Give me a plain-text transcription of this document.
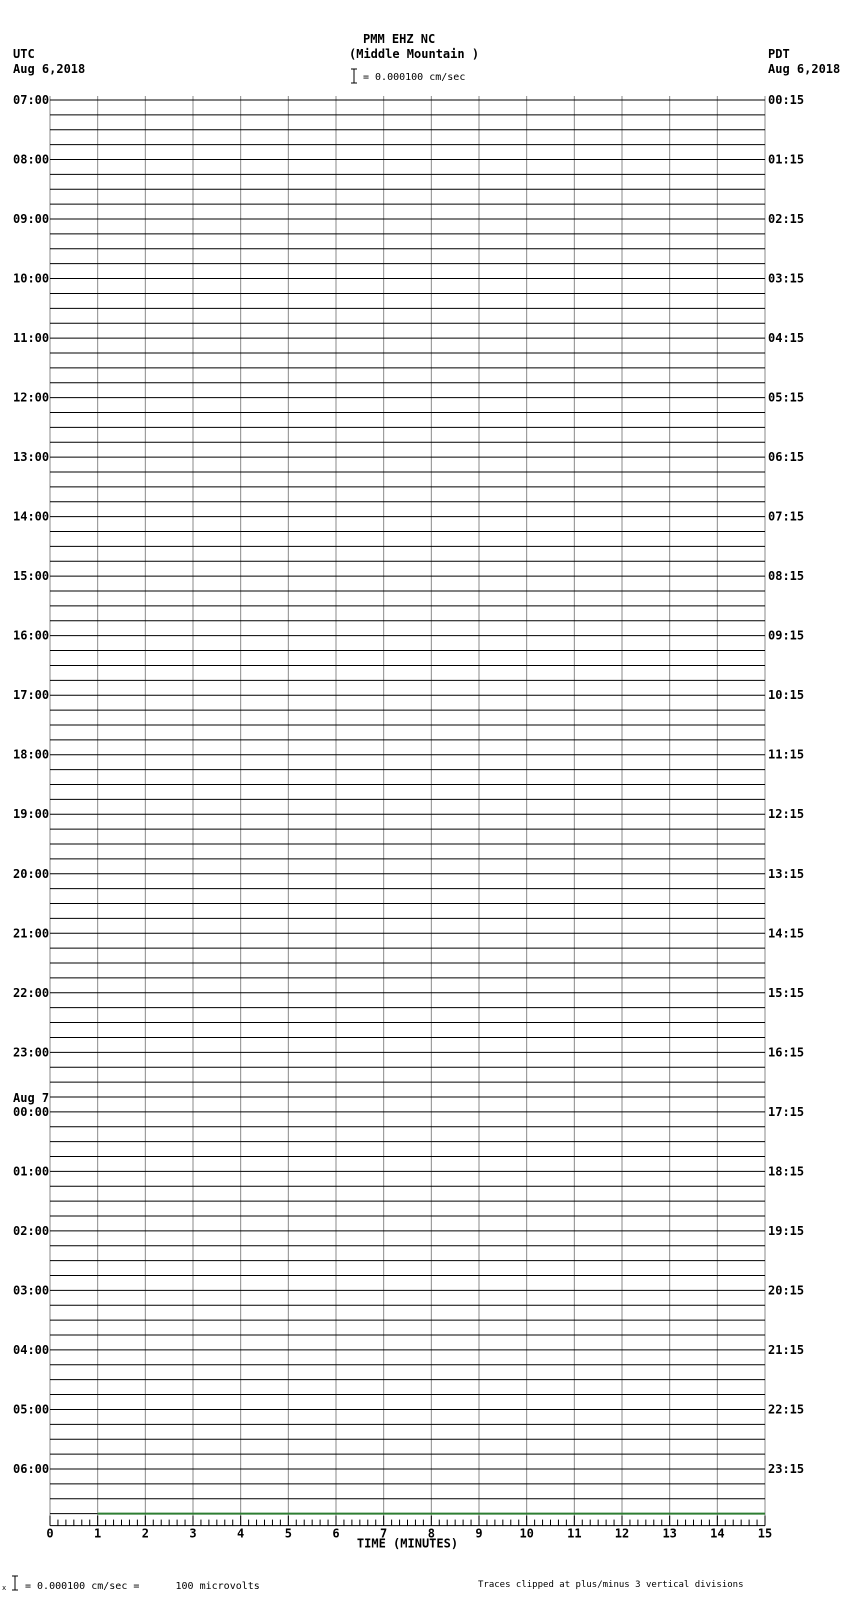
PMM EHZ NC
(Middle Mountain )
UTC
Aug 6,2018
PDT
Aug 6,2018
= 0.000100 cm/sec
= 0.000100 cm/sec =      100 microvolts	Traces clipped at plus/minus 3 vertical divisions
x
07:00
08:00
09:00
10:00
11:00
12:00
13:00
14:00
15:00
16:00
17:00
18:00
19:00
20:00
21:00
22:00
23:00
00:00
Aug 7
01:00
02:00
03:00
04:00
05:00
06:00
00:15
01:15
02:15
03:15
04:15
05:15
06:15
07:15
08:15
09:15
10:15
11:15
12:15
13:15
14:15
15:15
16:15
17:15
18:15
19:15
20:15
21:15
22:15
23:15
0	1	2	3	4	5	6	7	8	9	10	11	12	13	14	15
TIME (MINUTES)
